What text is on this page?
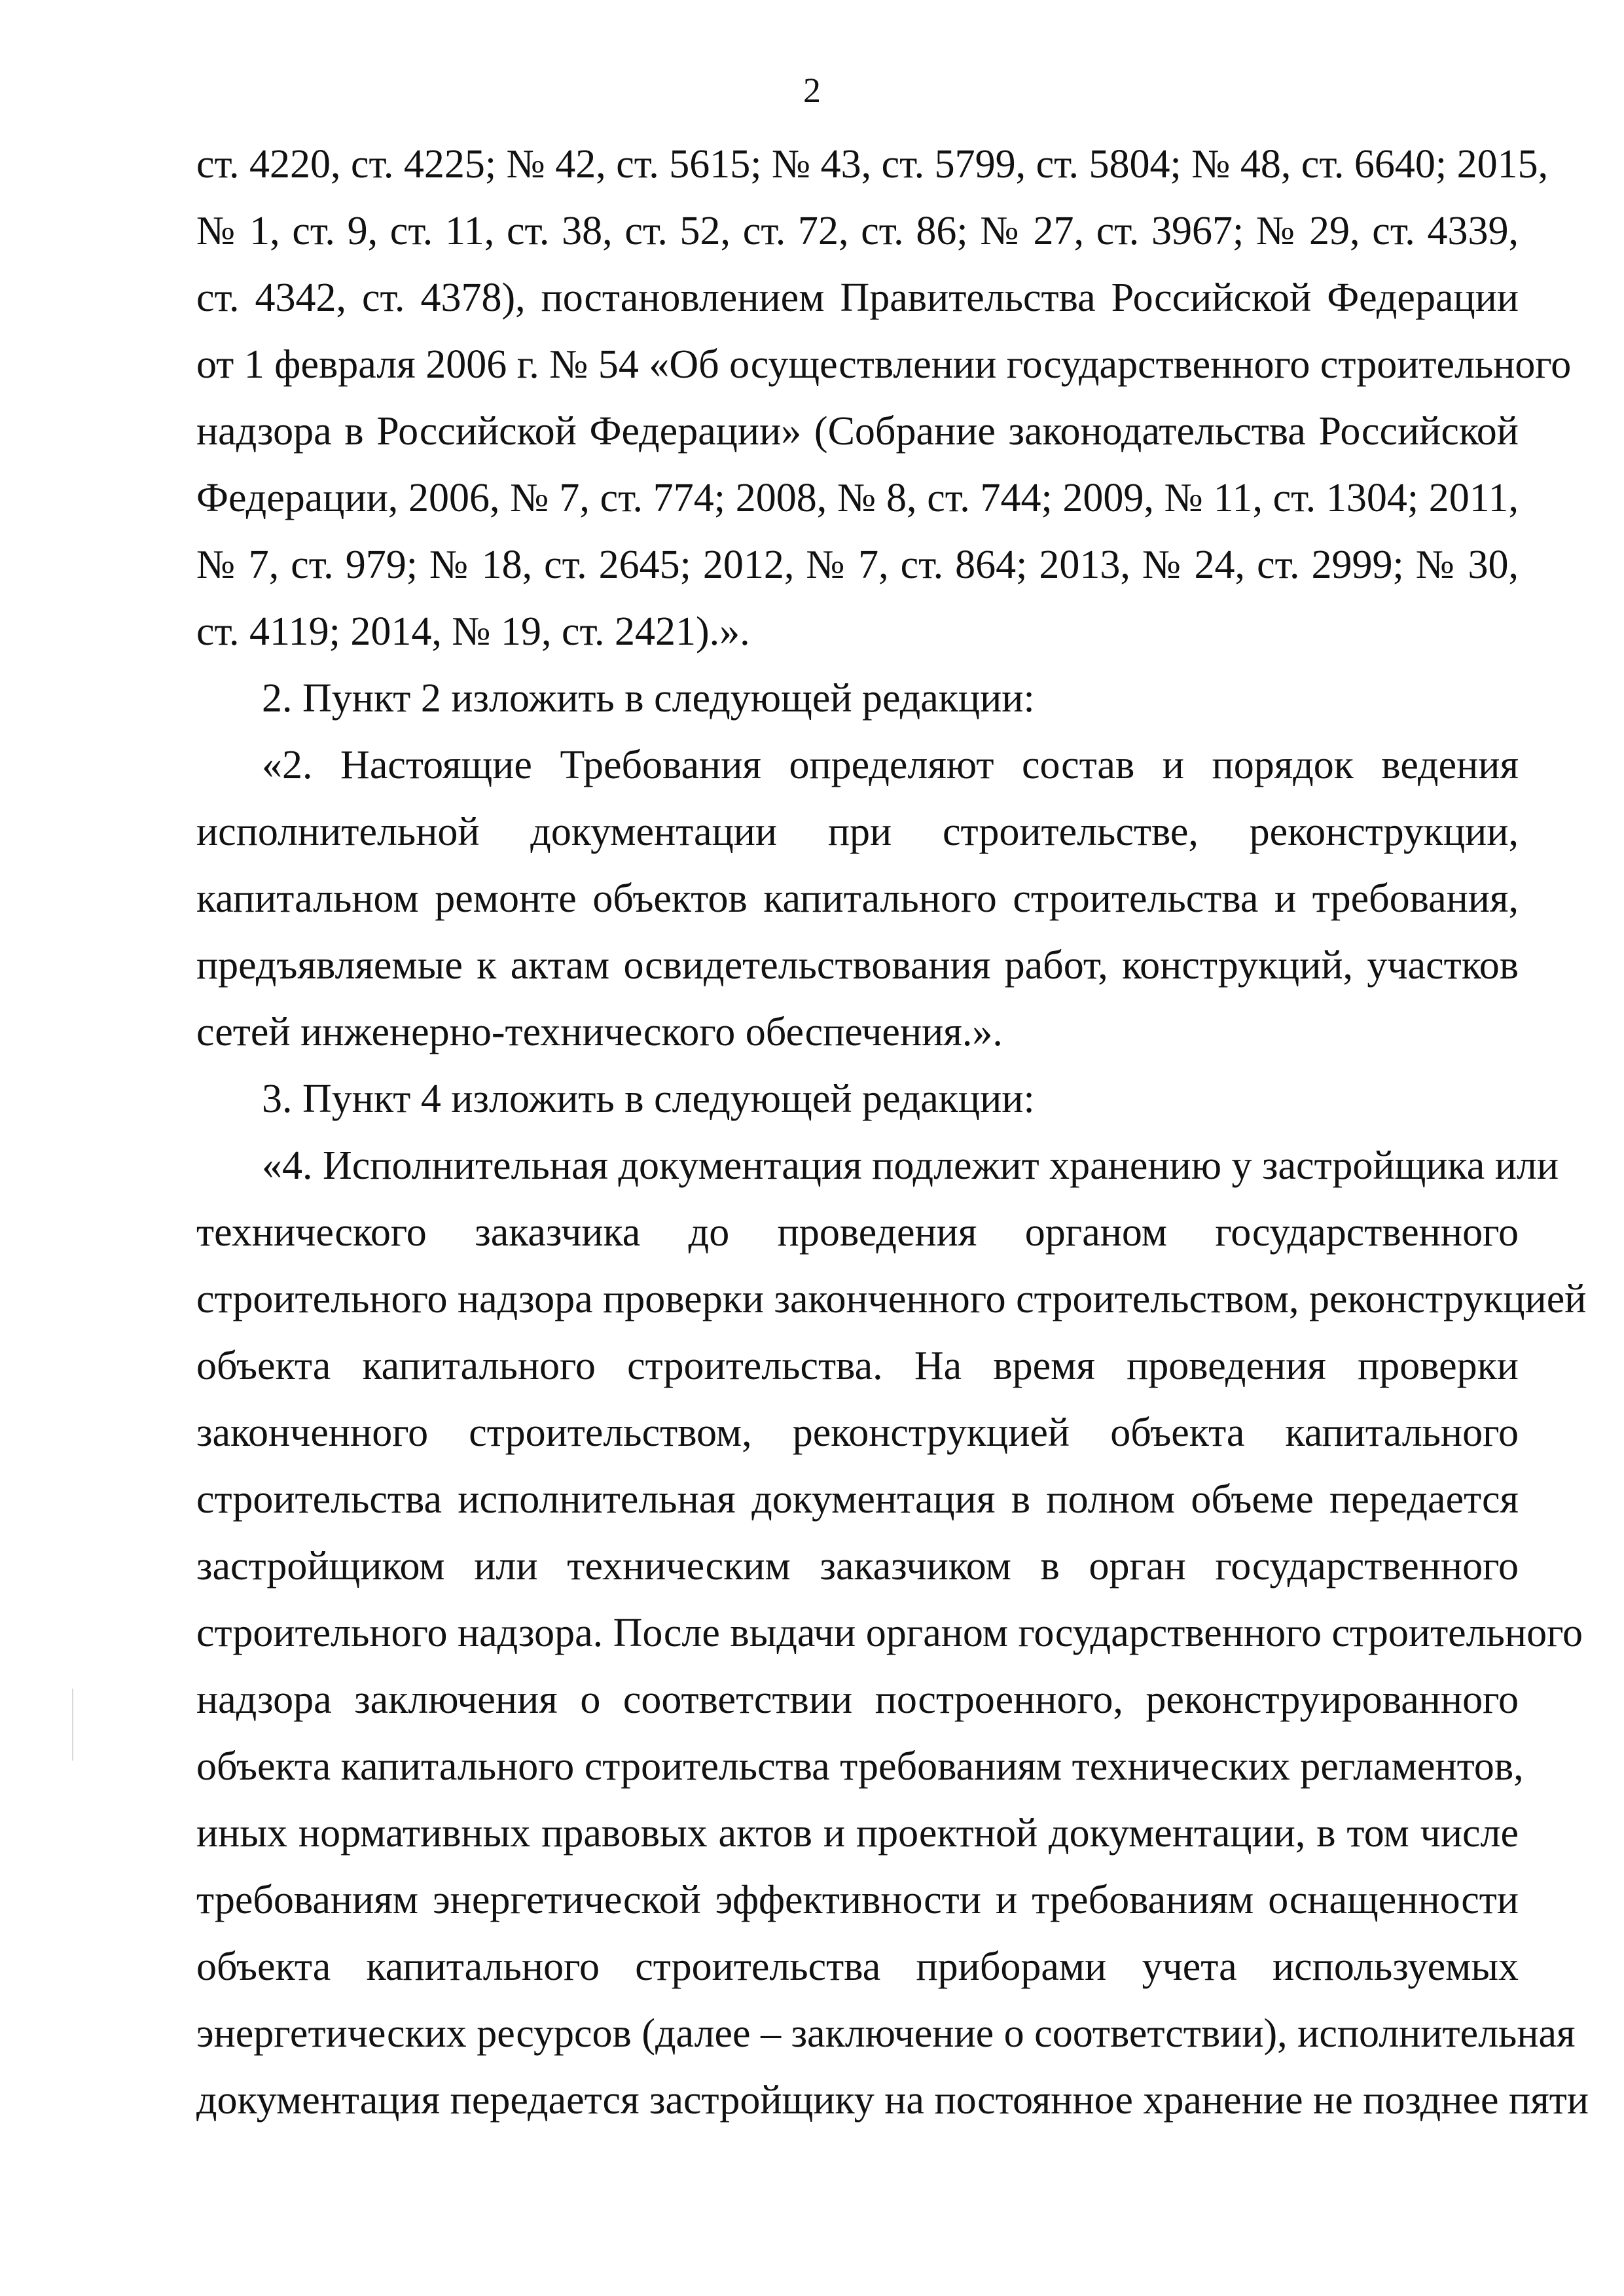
2
ст. 4220, ст. 4225; № 42, ст. 5615; № 43, ст. 5799, ст. 5804; № 48, ст. 6640; 2015,
№ 1, ст. 9, ст. 11, ст. 38, ст. 52, ст. 72, ст. 86; № 27, ст. 3967; № 29, ст. 4339,
ст. 4342, ст. 4378), постановлением Правительства Российской Федерации
от 1 февраля 2006 г. № 54 «Об осуществлении государственного строительного
надзора в Российской Федерации» (Собрание законодательства Российской
Федерации, 2006, № 7, ст. 774; 2008, № 8, ст. 744; 2009, № 11, ст. 1304; 2011,
№ 7, ст. 979; № 18, ст. 2645; 2012, № 7, ст. 864; 2013, № 24, ст. 2999; № 30,
ст. 4119; 2014, № 19, ст. 2421).».
2. Пункт 2 изложить в следующей редакции:
«2. Настоящие Требования определяют состав и порядок ведения
исполнительной документации при строительстве, реконструкции,
капитальном ремонте объектов капитального строительства и требования,
предъявляемые к актам освидетельствования работ, конструкций, участков
сетей инженерно-технического обеспечения.».
3. Пункт 4 изложить в следующей редакции:
«4. Исполнительная документация подлежит хранению у застройщика или
технического заказчика до проведения органом государственного
строительного надзора проверки законченного строительством, реконструкцией
объекта капитального строительства. На время проведения проверки
законченного строительством, реконструкцией объекта капитального
строительства исполнительная документация в полном объеме передается
застройщиком или техническим заказчиком в орган государственного
строительного надзора. После выдачи органом государственного строительного
надзора заключения о соответствии построенного, реконструированного
объекта капитального строительства требованиям технических регламентов,
иных нормативных правовых актов и проектной документации, в том числе
требованиям энергетической эффективности и требованиям оснащенности
объекта капитального строительства приборами учета используемых
энергетических ресурсов (далее – заключение о соответствии), исполнительная
документация передается застройщику на постоянное хранение не позднее пяти
